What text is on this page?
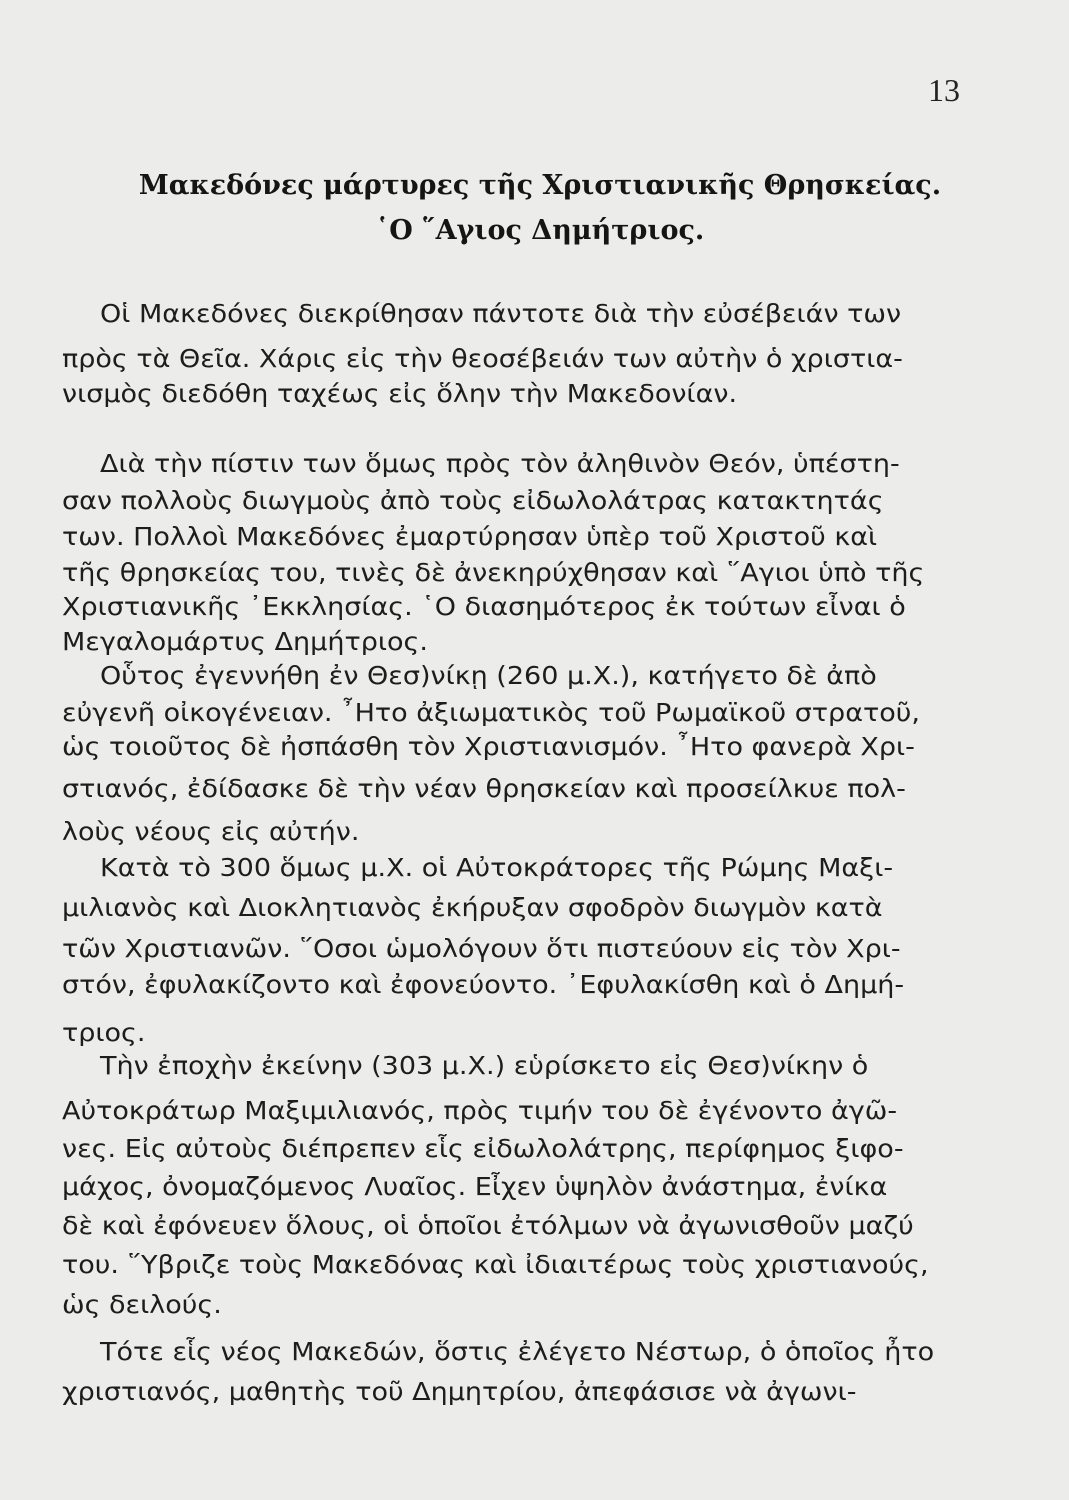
13
Μακεδόνες μάρτυρες τῆς Χριστιανικῆς Θρησκείας.
῾Ο ῞Αγιος Δημήτριος.
Οἱ Μακεδόνες διεκρίθησαν πάντοτε διὰ τὴν εὐσέβειάν των
πρὸς τὰ Θεῖα. Χάρις εἰς τὴν θεοσέβειάν των αὐτὴν ὁ χριστια-
νισμὸς διεδόθη ταχέως εἰς ὅλην τὴν Μακεδονίαν.
Διὰ τὴν πίστιν των ὅμως πρὸς τὸν ἀληθινὸν Θεόν, ὑπέστη-
σαν πολλοὺς διωγμοὺς ἀπὸ τοὺς εἰδωλολάτρας κατακτητάς
των. Πολλοὶ Μακεδόνες ἐμαρτύρησαν ὑπὲρ τοῦ Χριστοῦ καὶ
τῆς θρησκείας του, τινὲς δὲ ἀνεκηρύχθησαν καὶ ῞Αγιοι ὑπὸ τῆς
Χριστιανικῆς ᾿Εκκλησίας. ῾Ο διασημότερος ἐκ τούτων εἶναι ὁ
Μεγαλομάρτυς Δημήτριος.
Οὗτος ἐγεννήθη ἐν Θεσ)νίκῃ (260 μ.Χ.), κατήγετο δὲ ἀπὸ
εὐγενῆ οἰκογένειαν. ῏Ητο ἀξιωματικὸς τοῦ Ρωμαϊκοῦ στρατοῦ,
ὡς τοιοῦτος δὲ ἠσπάσθη τὸν Χριστιανισμόν. ῏Ητο φανερὰ Χρι-
στιανός, ἐδίδασκε δὲ τὴν νέαν θρησκείαν καὶ προσείλκυε πολ-
λοὺς νέους εἰς αὐτήν.
Κατὰ τὸ 300 ὅμως μ.Χ. οἱ Αὐτοκράτορες τῆς Ρώμης Μαξι-
μιλιανὸς καὶ Διοκλητιανὸς ἐκήρυξαν σφοδρὸν διωγμὸν κατὰ
τῶν Χριστιανῶν. ῞Οσοι ὡμολόγουν ὅτι πιστεύουν εἰς τὸν Χρι-
στόν, ἐφυλακίζοντο καὶ ἐφονεύοντο. ᾿Εφυλακίσθη καὶ ὁ Δημή-
τριος.
Τὴν ἐποχὴν ἐκείνην (303 μ.Χ.) εὑρίσκετο εἰς Θεσ)νίκην ὁ
Αὐτοκράτωρ Μαξιμιλιανός, πρὸς τιμήν του δὲ ἐγένοντο ἀγῶ-
νες. Εἰς αὐτοὺς διέπρεπεν εἷς εἰδωλολάτρης, περίφημος ξιφο-
μάχος, ὀνομαζόμενος Λυαῖος. Εἶχεν ὑψηλὸν ἀνάστημα, ἐνίκα
δὲ καὶ ἐφόνευεν ὅλους, οἱ ὁποῖοι ἐτόλμων νὰ ἀγωνισθοῦν μαζύ
του. ῞Υβριζε τοὺς Μακεδόνας καὶ ἰδιαιτέρως τοὺς χριστιανούς,
ὡς δειλούς.
Τότε εἷς νέος Μακεδών, ὅστις ἐλέγετο Νέστωρ, ὁ ὁποῖος ἦτο
χριστιανός, μαθητὴς τοῦ Δημητρίου, ἀπεφάσισε νὰ ἀγωνι-
